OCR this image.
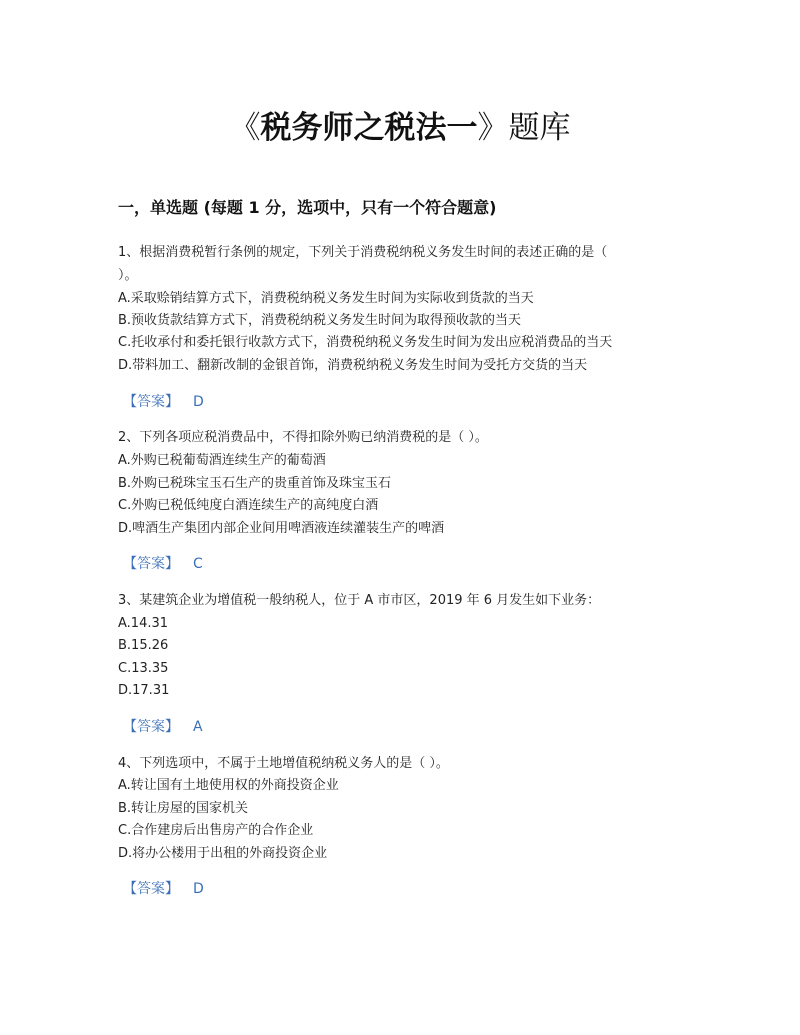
《税务师之税法一》题库
一，单选题 (每题 1 分，选项中，只有一个符合题意)
1、根据消费税暂行条例的规定，下列关于消费税纳税义务发生时间的表述正确的是（
）。
A.采取赊销结算方式下，消费税纳税义务发生时间为实际收到货款的当天
B.预收货款结算方式下，消费税纳税义务发生时间为取得预收款的当天
C.托收承付和委托银行收款方式下，消费税纳税义务发生时间为发出应税消费品的当天
D.带料加工、翻新改制的金银首饰，消费税纳税义务发生时间为受托方交货的当天
【答案】 D
2、下列各项应税消费品中，不得扣除外购已纳消费税的是（ ）。
A.外购已税葡萄酒连续生产的葡萄酒
B.外购已税珠宝玉石生产的贵重首饰及珠宝玉石
C.外购已税低纯度白酒连续生产的高纯度白酒
D.啤酒生产集团内部企业间用啤酒液连续灌装生产的啤酒
【答案】 C
3、某建筑企业为增值税一般纳税人，位于 A 市市区，2019 年 6 月发生如下业务：
A.14.31
B.15.26
C.13.35
D.17.31
【答案】 A
4、下列选项中，不属于土地增值税纳税义务人的是（ ）。
A.转让国有土地使用权的外商投资企业
B.转让房屋的国家机关
C.合作建房后出售房产的合作企业
D.将办公楼用于出租的外商投资企业
【答案】 D
